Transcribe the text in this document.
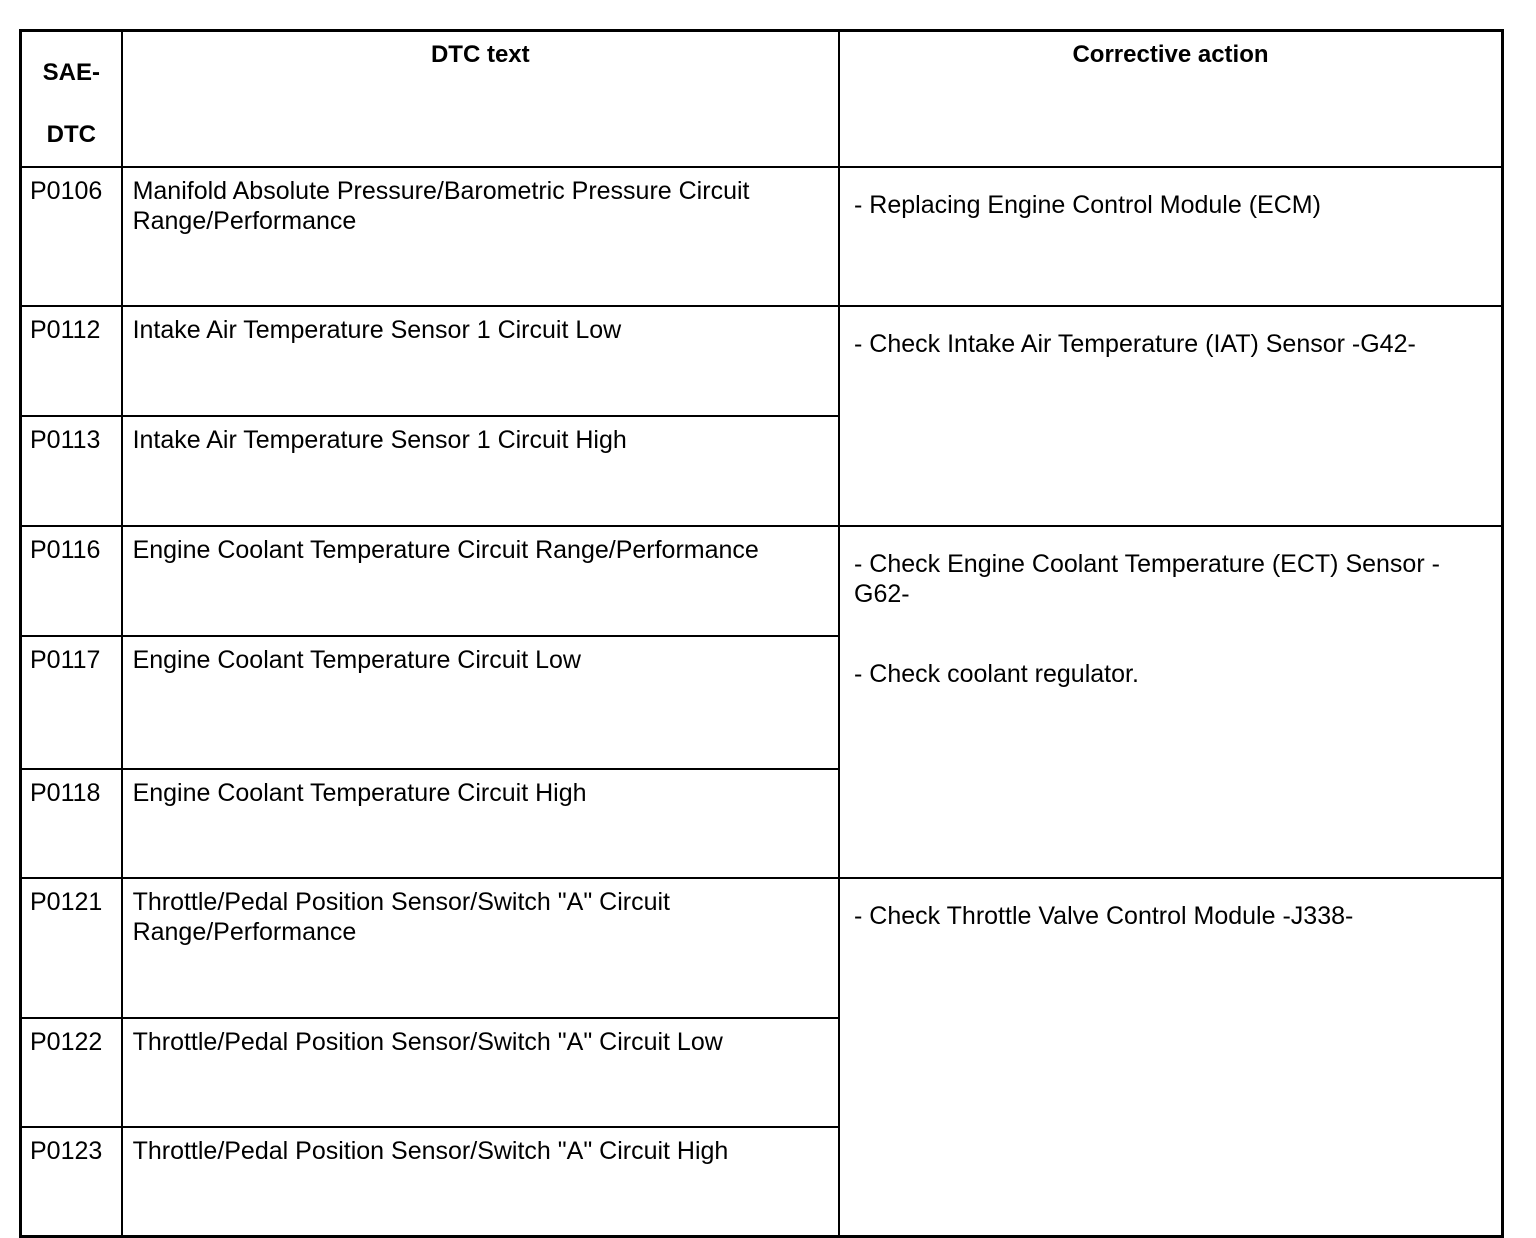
SAE-
DTC	DTC text	Corrective action
P0106	Manifold Absolute Pressure/Barometric Pressure Circuit Range/Performance	- Replacing Engine Control Module (ECM)

P0112	Intake Air Temperature Sensor 1 Circuit Low	- Check Intake Air Temperature (IAT) Sensor -G42-

P0113	Intake Air Temperature Sensor 1 Circuit High	
P0116	Engine Coolant Temperature Circuit Range/Performance	- Check Engine Coolant Temperature (ECT) Sensor -G62-
- Check coolant regulator.

P0117	Engine Coolant Temperature Circuit Low	
P0118	Engine Coolant Temperature Circuit High	
P0121	Throttle/Pedal Position Sensor/Switch "A" Circuit Range/Performance	- Check Throttle Valve Control Module -J338-

P0122	Throttle/Pedal Position Sensor/Switch "A" Circuit Low	
P0123	Throttle/Pedal Position Sensor/Switch "A" Circuit High	
